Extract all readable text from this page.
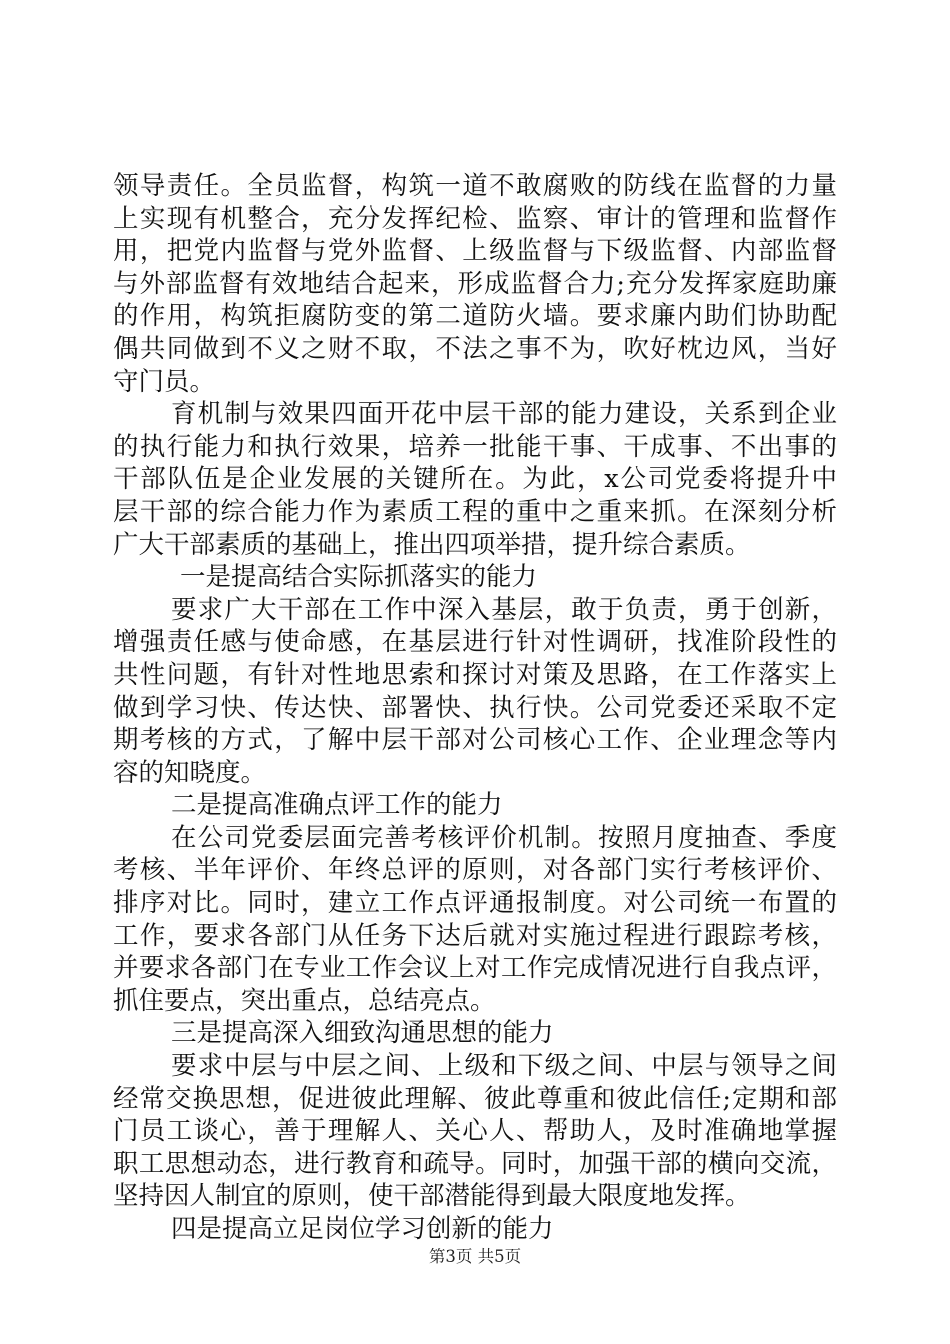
领导责任。全员监督，构筑一道不敢腐败的防线在监督的力量
上实现有机整合，充分发挥纪检、监察、审计的管理和监督作
用，把党内监督与党外监督、上级监督与下级监督、内部监督
与外部监督有效地结合起来，形成监督合力;充分发挥家庭助廉
的作用，构筑拒腐防变的第二道防火墙。要求廉内助们协助配
偶共同做到不义之财不取，不法之事不为，吹好枕边风，当好
守门员。
育机制与效果四面开花中层干部的能力建设，关系到企业
的执行能力和执行效果，培养一批能干事、干成事、不出事的
干部队伍是企业发展的关键所在。为此，x公司党委将提升中
层干部的综合能力作为素质工程的重中之重来抓。在深刻分析
广大干部素质的基础上，推出四项举措，提升综合素质。
一是提高结合实际抓落实的能力
要求广大干部在工作中深入基层，敢于负责，勇于创新，
增强责任感与使命感，在基层进行针对性调研，找准阶段性的
共性问题，有针对性地思索和探讨对策及思路，在工作落实上
做到学习快、传达快、部署快、执行快。公司党委还采取不定
期考核的方式，了解中层干部对公司核心工作、企业理念等内
容的知晓度。
二是提高准确点评工作的能力
在公司党委层面完善考核评价机制。按照月度抽查、季度
考核、半年评价、年终总评的原则，对各部门实行考核评价、
排序对比。同时，建立工作点评通报制度。对公司统一布置的
工作，要求各部门从任务下达后就对实施过程进行跟踪考核，
并要求各部门在专业工作会议上对工作完成情况进行自我点评，
抓住要点，突出重点，总结亮点。
三是提高深入细致沟通思想的能力
要求中层与中层之间、上级和下级之间、中层与领导之间
经常交换思想，促进彼此理解、彼此尊重和彼此信任;定期和部
门员工谈心，善于理解人、关心人、帮助人，及时准确地掌握
职工思想动态，进行教育和疏导。同时，加强干部的横向交流，
坚持因人制宜的原则，使干部潜能得到最大限度地发挥。
四是提高立足岗位学习创新的能力
第3页 共5页
